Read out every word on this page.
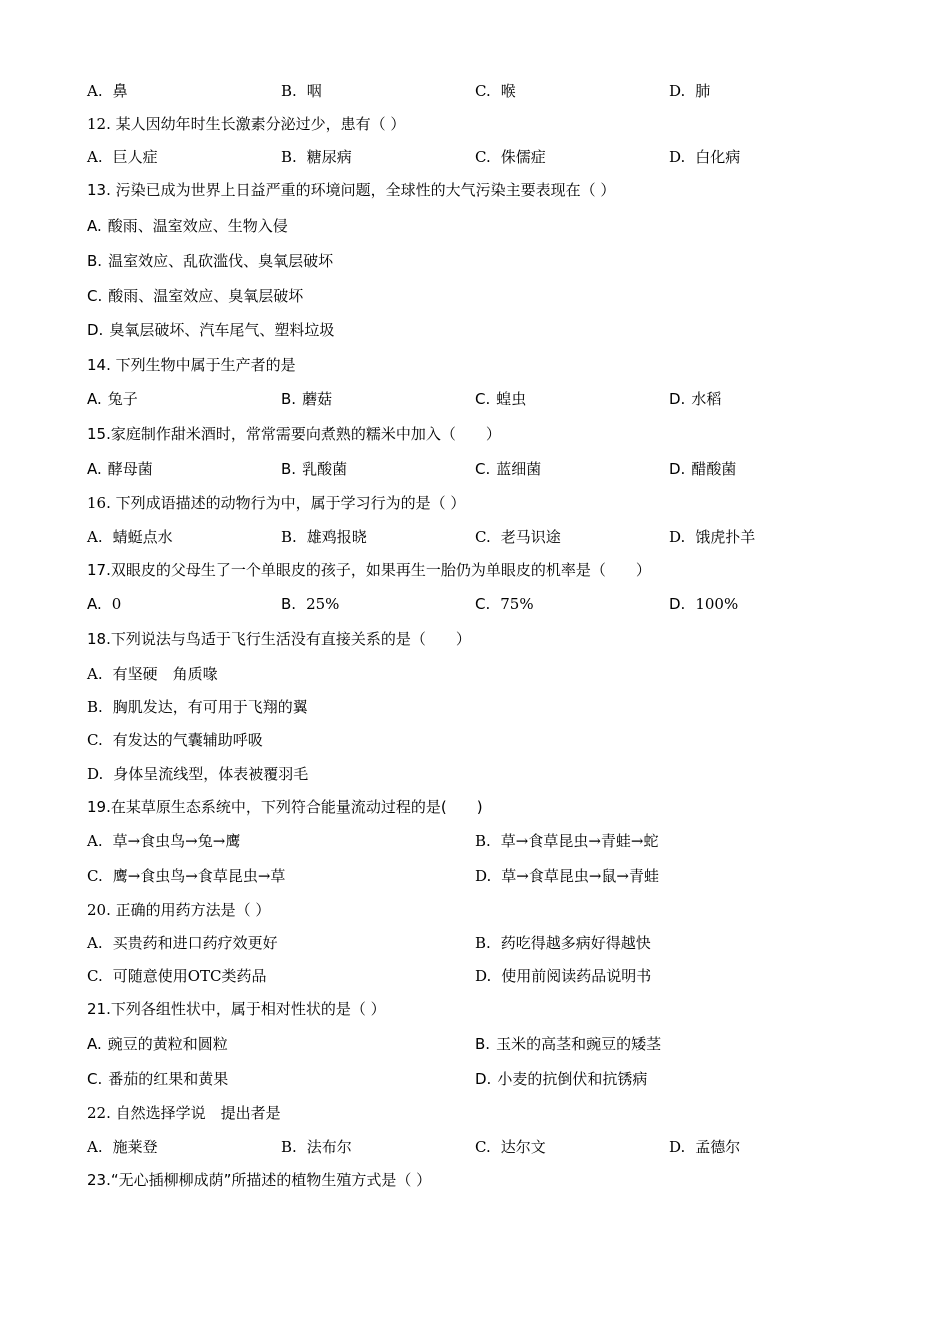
A. 鼻	B. 咽	C. 喉	D. 肺
12. 某人因幼年时生长激素分泌过少，患有（ ）
A. 巨人症	B. 糖尿病	C. 侏儒症	D. 白化病
13. 污染已成为世界上日益严重的环境问题，全球性的大气污染主要表现在（ ）
A. 酸雨、温室效应、生物入侵
B. 温室效应、乱砍滥伐、臭氧层破坏
C. 酸雨、温室效应、臭氧层破坏
D. 臭氧层破坏、汽车尾气、塑料垃圾
14. 下列生物中属于生产者的是
A. 兔子	B. 蘑菇	C. 蝗虫	D. 水稻
15.家庭制作甜米酒时，常常需要向煮熟的糯米中加入（　　）
A. 酵母菌	B. 乳酸菌	C. 蓝细菌	D. 醋酸菌
16. 下列成语描述的动物行为中，属于学习行为的是（ ）
A. 蜻蜓点水	B. 雄鸡报晓	C. 老马识途	D. 饿虎扑羊
17.双眼皮的父母生了一个单眼皮的孩子，如果再生一胎仍为单眼皮的机率是（　　）
A. 0	B. 25%	C. 75%	D. 100%
18.下列说法与鸟适于飞行生活没有直接关系的是（　　）
A. 有坚硬　角质喙
B. 胸肌发达，有可用于飞翔的翼
C. 有发达的气囊辅助呼吸
D. 身体呈流线型，体表被覆羽毛
19.在某草原生态系统中，下列符合能量流动过程的是(　　)
A. 草→食虫鸟→兔→鹰	B. 草→食草昆虫→青蛙→蛇
C. 鹰→食虫鸟→食草昆虫→草	D. 草→食草昆虫→鼠→青蛙
20. 正确的用药方法是（ ）
A. 买贵药和进口药疗效更好	B. 药吃得越多病好得越快
C. 可随意使用OTC类药品	D. 使用前阅读药品说明书
21.下列各组性状中，属于相对性状的是（ ）
A. 豌豆的黄粒和圆粒	B. 玉米的高茎和豌豆的矮茎
C. 番茄的红果和黄果	D. 小麦的抗倒伏和抗锈病
22. 自然选择学说　提出者是
A. 施莱登	B. 法布尔	C. 达尔文	D. 孟德尔
23.“无心插柳柳成荫”所描述的植物生殖方式是（ ）
